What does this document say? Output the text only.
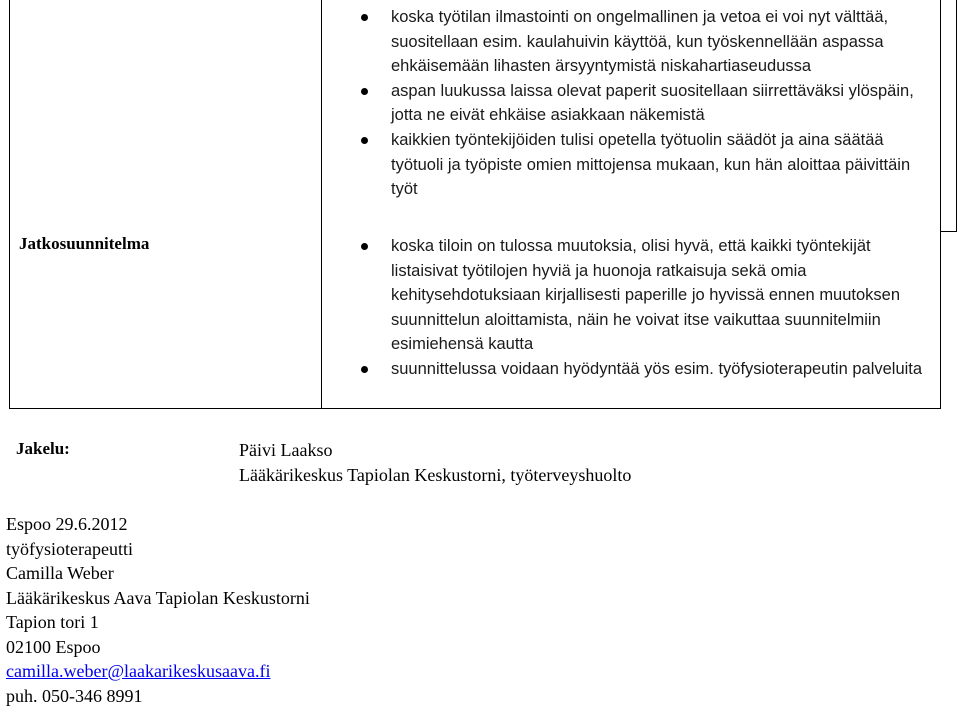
koska työtilan ilmastointi on ongelmallinen ja vetoa ei voi nyt välttää, suositellaan esim. kaulahuivin käyttöä, kun työskennellään aspassa ehkäisemään lihasten ärsyyntymistä niskahartiaseudussa
aspan luukussa laissa olevat paperit suositellaan siirrettäväksi ylöspäin, jotta ne eivät ehkäise asiakkaan näkemistä
kaikkien työntekijöiden tulisi opetella työtuolin säädöt ja aina säätää työtuoli ja työpiste omien mittojensa mukaan, kun hän aloittaa päivittäin työt
Jatkosuunnitelma	koska tiloin on tulossa muutoksia, olisi hyvä, että kaikki työntekijät listaisivat työtilojen hyviä ja huonoja ratkaisuja sekä omia kehitysehdotuksiaan kirjallisesti paperille jo hyvissä ennen muutoksen suunnittelun aloittamista, näin he voivat itse vaikuttaa suunnitelmiin esimiehensä kautta
suunnittelussa voidaan hyödyntää yös esim. työfysioterapeutin palveluita
Jakelu:	Päivi Laakso
Lääkärikeskus Tapiolan Keskustorni, työterveyshuolto
Espoo 29.6.2012
työfysioterapeutti
Camilla Weber
Lääkärikeskus Aava Tapiolan Keskustorni
Tapion tori 1
02100 Espoo
camilla.weber@laakarikeskusaava.fi
puh. 050-346 8991
